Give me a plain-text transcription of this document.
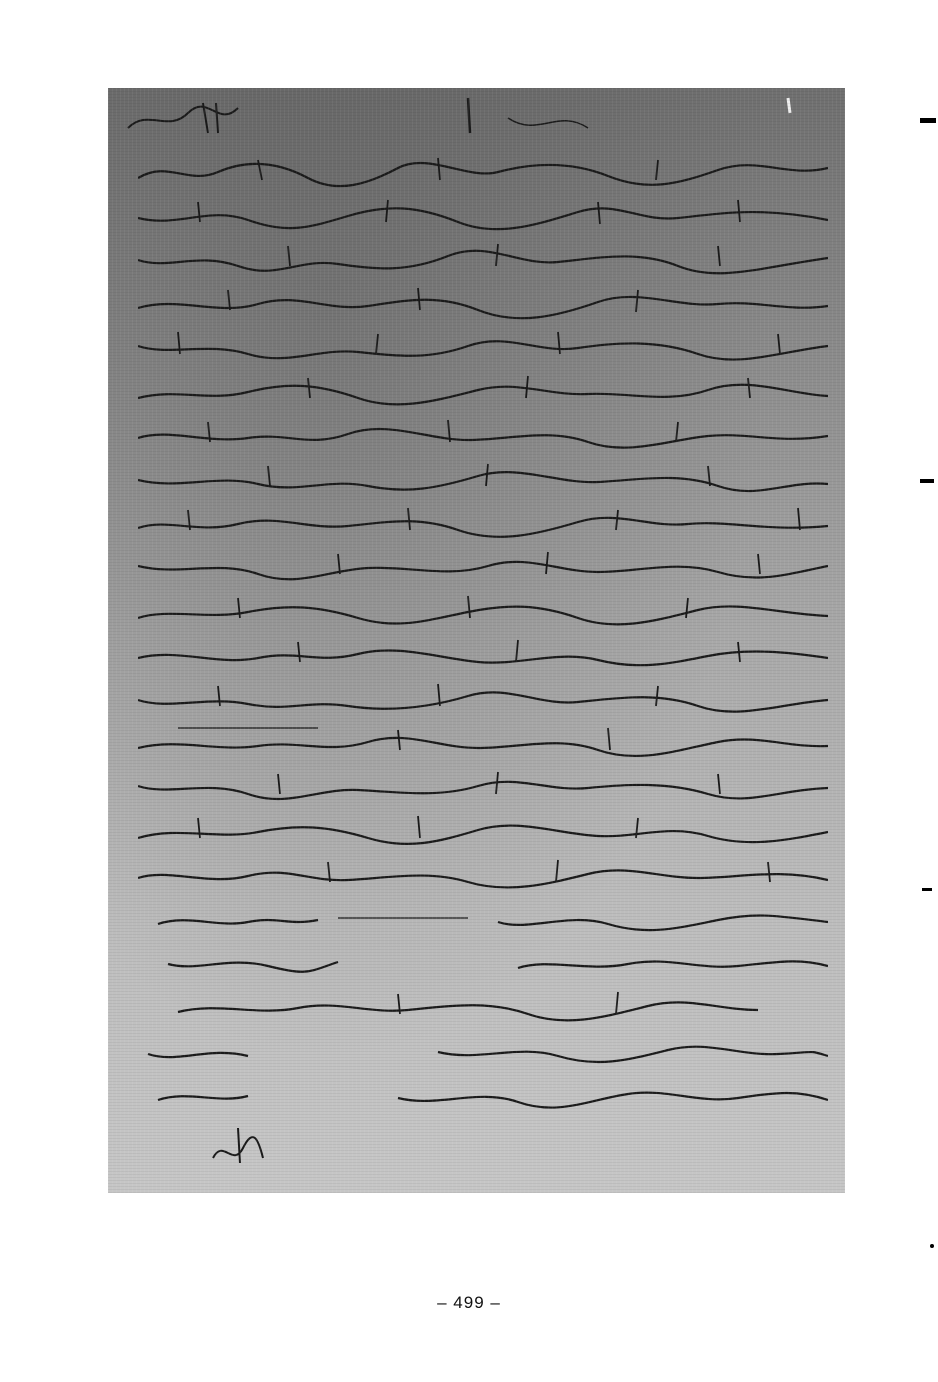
– 499 –
